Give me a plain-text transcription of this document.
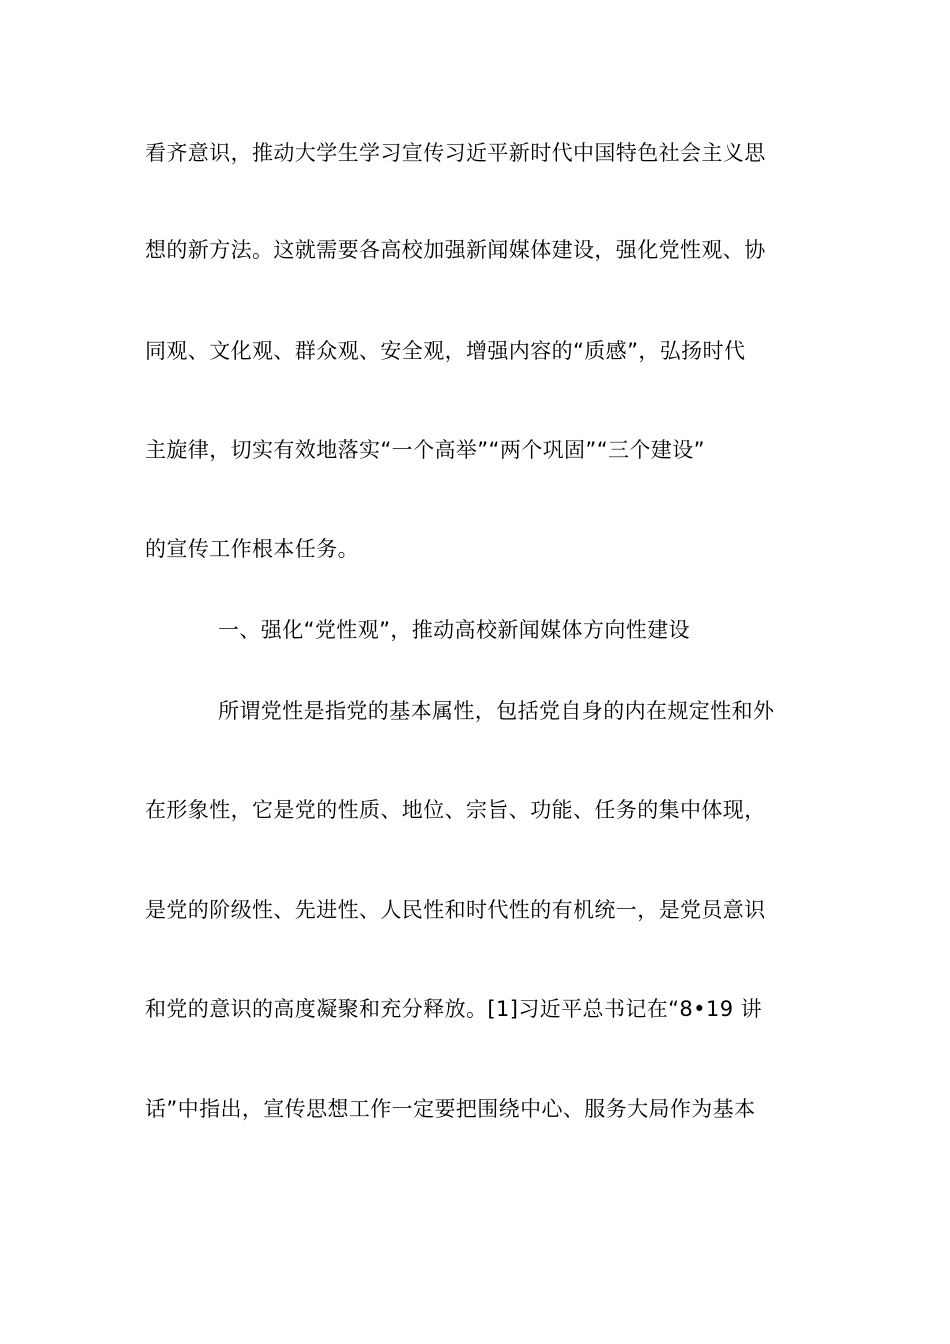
看齐意识，推动大学生学习宣传习近平新时代中国特色社会主义思
想的新方法。这就需要各高校加强新闻媒体建设，强化党性观、协
同观、文化观、群众观、安全观，增强内容的“质感”，弘扬时代
主旋律，切实有效地落实“一个高举”“两个巩固”“三个建设”
的宣传工作根本任务。
一、强化“党性观”，推动高校新闻媒体方向性建设
所谓党性是指党的基本属性，包括党自身的内在规定性和外
在形象性，它是党的性质、地位、宗旨、功能、任务的集中体现，
是党的阶级性、先进性、人民性和时代性的有机统一，是党员意识
和党的意识的高度凝聚和充分释放。[1]习近平总书记在“8•19 讲
话”中指出，宣传思想工作一定要把围绕中心、服务大局作为基本
